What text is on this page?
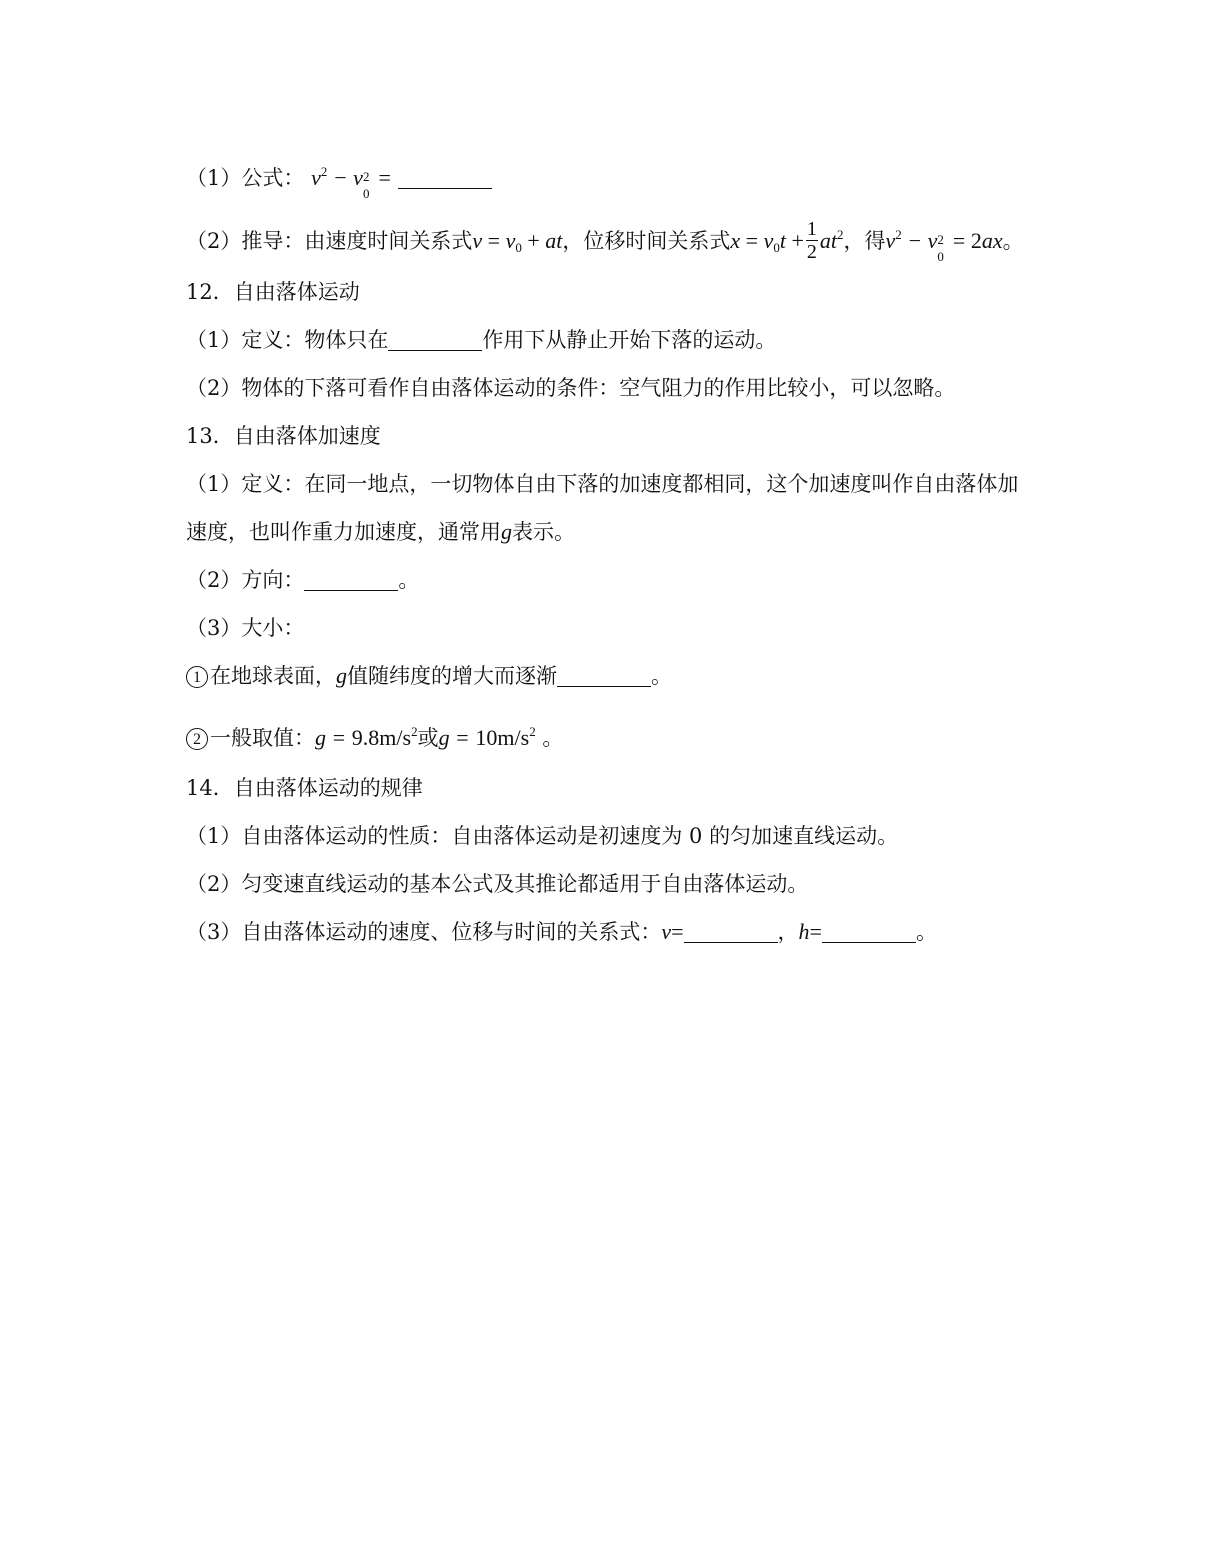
（1）公式： $v^2 - v$ 2
0
=
（2）推导：由速度时间关系式$v = v_0$ + at，位移时间关系式$x = v_0t + \frac{1}{2} at^2$，得$v^2 - v$ 2
0
= 2ax。
12．自由落体运动
（1）定义：物体只在	作用下从静止开始下落的运动。
（2）物体的下落可看作自由落体运动的条件：空气阻力的作用比较小，可以忽略。
13．自由落体加速度
（1）定义：在同一地点，一切物体自由下落的加速度都相同，这个加速度叫作自由落体加
速度，也叫作重力加速度，通常用g表示。
（2）方向：	。
（3）大小：
1 在地球表面，g值随纬度的增大而逐渐	。
2 一般取值：$g = 9.8m/s^2$或$g = 10m/s^2$ 。
14．自由落体运动的规律
（1）自由落体运动的性质：自由落体运动是初速度为 0 的匀加速直线运动。
（2）匀变速直线运动的基本公式及其推论都适用于自由落体运动。
（3）自由落体运动的速度、位移与时间的关系式：v=	，h=	。
